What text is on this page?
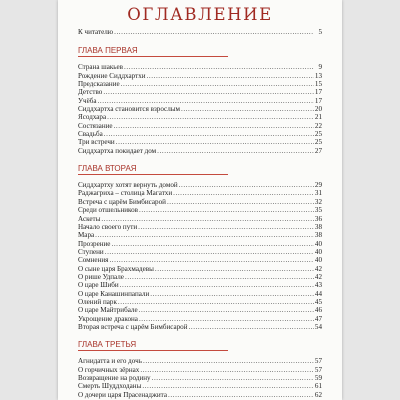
ОГЛАВЛЕНИЕ
К читателю . . .	5
ГЛАВА ПЕРВАЯ
Страна шакьев . . .	9
Рождение Сиддхартхи . . .	13
Предсказание . . .	15
Детство . . .	17
Учёба . . .	17
Сиддхартха становится взрослым . . .	20
Ясодхара . . .	21
Состязание . . .	22
Свадьба . . .	25
Три встречи . . .	25
Сиддхартха покидает дом . . .	27
ГЛАВА ВТОРАЯ
Сиддхартху хотят вернуть домой . . .	29
Раджагриха – столица Магатхи . . .	31
Встреча с царём Бимбисарой . . .	32
Среди отшельников . . .	35
Аскеты . . .	36
Начало своего пути . . .	38
Мара . . .	38
Прозрение . . .	40
Ступени . . .	40
Сомнения . . .	40
О сыне царя Брахмадевы . . .	42
О рише Удпале . . .	42
О царе Шиби . . .	43
О царе Канашинпапали . . .	44
Олений парк . . .	45
О царе Майтрибале . . .	46
Укрощение дракона . . .	47
Вторая встреча с царём Бимбисарой . . .	54
ГЛАВА ТРЕТЬЯ
Агнидатта и его дочь . . .	57
О горчичных зёрнах . . .	57
Возвращение на родину . . .	59
Смерть Шуддходаны . . .	61
О дочери царя Прасенаджита . . .	62
